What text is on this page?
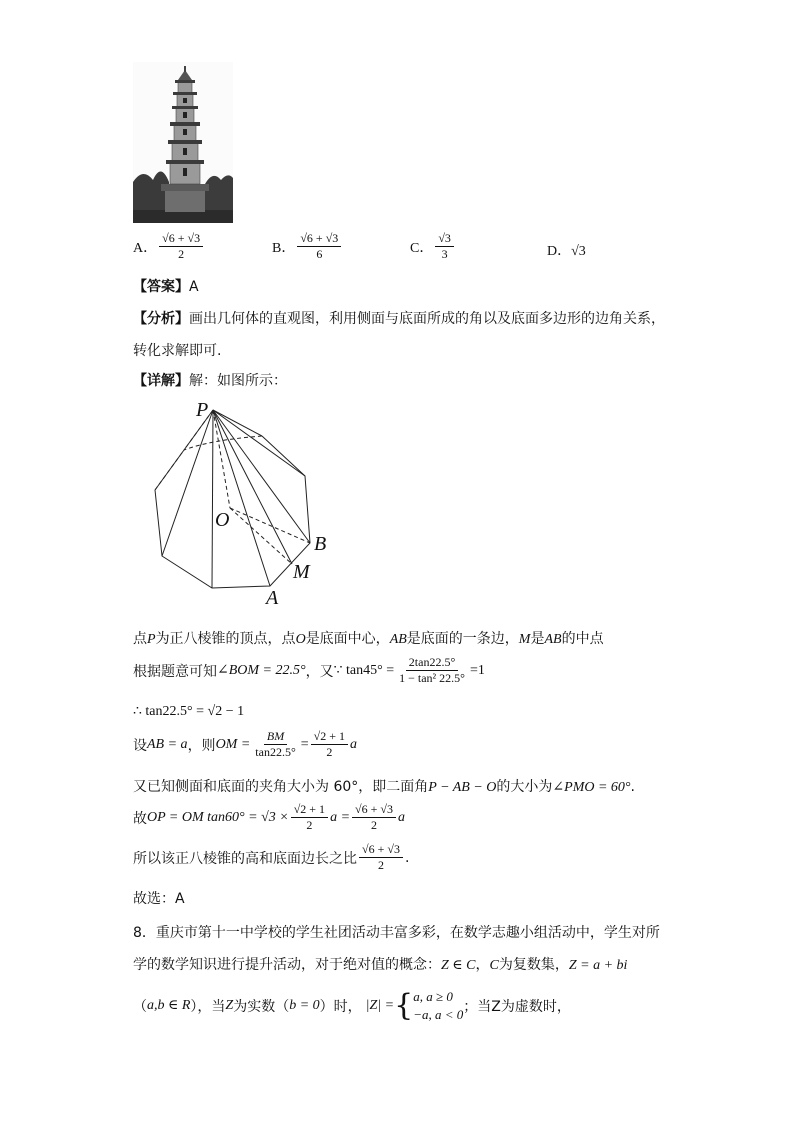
A． $\frac{√6 + √3}{2}$	B． $\frac{√6 + √3}{6}$	C． $\frac{√3}{3}$	D．√3
【答案】A
【分析】画出几何体的直观图，利用侧面与底面所成的角以及底面多边形的边角关系，
转化求解即可.
【详解】解：如图所示：
P
O
B
M
A
点P为正八棱锥的顶点，点O是底面中心，AB是底面的一条边，M是AB的中点
根据题意可知 ∠BOM = 22.5° ，又 ∵ $\tan 45^\circ = \frac{2\tan 22.5^\circ}{\text{1 − tan² 22.5°}} =1$
∴ tan22.5° = √2 − 1
设 AB = a ，则 OM = $\frac{BM}{\tan 22.5^\circ} = \frac{√2 + 1}{2}$ a
又已知侧面和底面的夹角大小为 60°，即二面角P − AB − O的大小为∠PMO = 60°.
故 OP = OM $\tan 60^\circ = √3 \times \frac{√2 + 1}{2}$ $a = \frac{√6 + √3}{2}$ a
所以该正八棱锥的高和底面边长之比 $\frac{√6 + √3}{2}$ .
故选：A
8．重庆市第十一中学校的学生社团活动丰富多彩，在数学志趣小组活动中，学生对所
学的数学知识进行提升活动，对于绝对值的概念：Z ∈ C，C为复数集，Z = a + bi
（ a,b ∈ R ），当 Z 为实数（ b = 0 ）时， |Z| = { a, a ≥ 0
−a, a < 0 ；当Z为虚数时，
